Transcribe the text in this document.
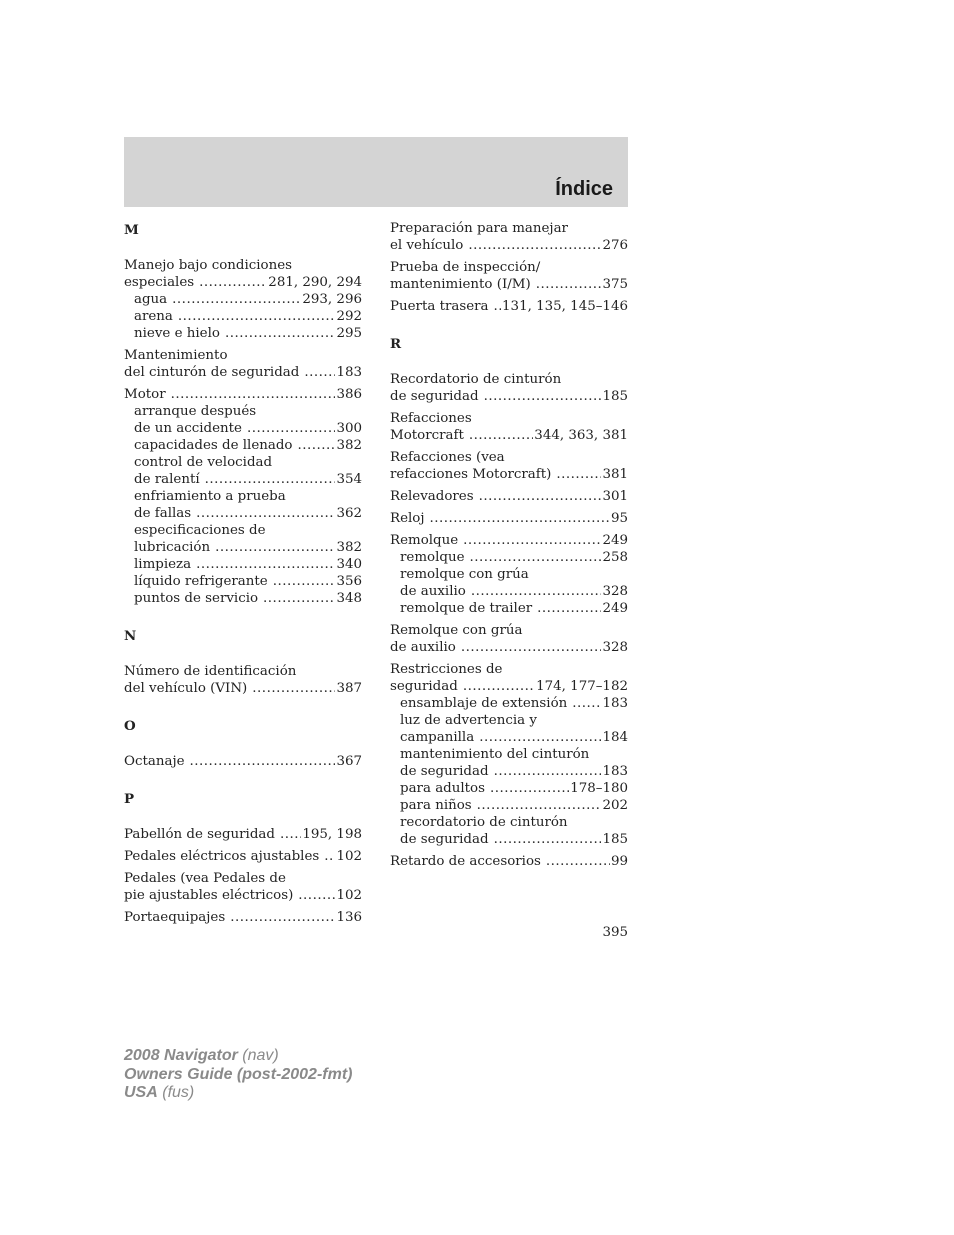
Índice
M
Manejo bajo condiciones
especiales .....	281, 290, 294
agua .....	293, 296
arena .....	292
nieve e hielo .....	295
Mantenimiento
del cinturón de seguridad .....	183
Motor .....	386
arranque después
de un accidente .....	300
capacidades de llenado .....	382
control de velocidad
de ralentí .....	354
enfriamiento a prueba
de fallas .....	362
especificaciones de
lubricación .....	382
limpieza .....	340
líquido refrigerante .....	356
puntos de servicio .....	348
N
Número de identificación
del vehículo (VIN) .....	387
O
Octanaje .....	367
P
Pabellón de seguridad ..... 195, 198
Pedales eléctricos ajustables ..... 102
Pedales (vea Pedales de
pie ajustables eléctricos) .....	102
Portaequipajes .....	136
Preparación para manejar
el vehículo .....	276
Prueba de inspección/
mantenimiento (I/M) .....	375
Puerta trasera ..... 131, 135, 145–146
R
Recordatorio de cinturón
de seguridad .....	185
Refacciones
Motorcraft .....	344, 363, 381
Refacciones (vea
refacciones Motorcraft) .....	381
Relevadores .....	301
Reloj .....	95
Remolque .....	249
remolque .....	258
remolque con grúa
de auxilio .....	328
remolque de trailer .....	249
Remolque con grúa
de auxilio .....	328
Restricciones de
seguridad .....	174, 177–182
ensamblaje de extensión .....	183
luz de advertencia y
campanilla .....	184
mantenimiento del cinturón
de seguridad .....	183
para adultos .....	178–180
para niños .....	202
recordatorio de cinturón
de seguridad .....	185
Retardo de accesorios .....	99
395
2008 Navigator (nav)
Owners Guide (post-2002-fmt)
USA (fus)
